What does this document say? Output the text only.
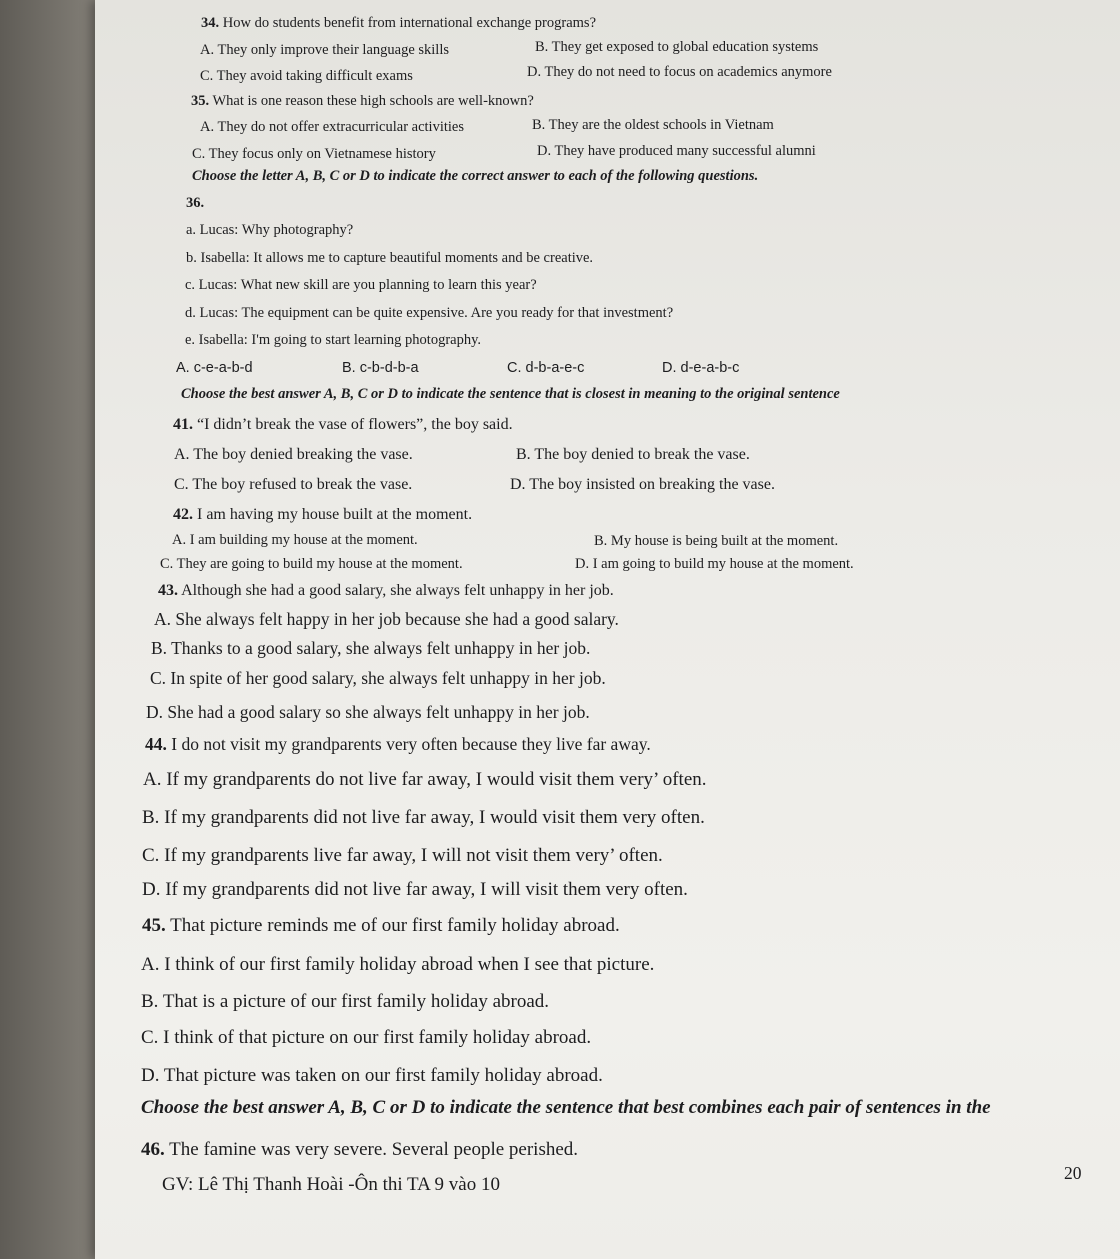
34. How do students benefit from international exchange programs?
A. They only improve their language skills	B. They get exposed to global education systems
C. They avoid taking difficult exams	D. They do not need to focus on academics anymore
35. What is one reason these high schools are well-known?
A. They do not offer extracurricular activities	B. They are the oldest schools in Vietnam
C. They focus only on Vietnamese history	D. They have produced many successful alumni
Choose the letter A, B, C or D to indicate the correct answer to each of the following questions.
36.
a. Lucas: Why photography?
b. Isabella: It allows me to capture beautiful moments and be creative.
c. Lucas: What new skill are you planning to learn this year?
d. Lucas: The equipment can be quite expensive. Are you ready for that investment?
e. Isabella: I'm going to start learning photography.
A. c-e-a-b-d	B. c-b-d-b-a	C. d-b-a-e-c	D. d-e-a-b-c
Choose the best answer A, B, C or D to indicate the sentence that is closest in meaning to the original sentence
41. “I didn’t break the vase of flowers”, the boy said.
A. The boy denied breaking the vase.	B. The boy denied to break the vase.
C. The boy refused to break the vase.	D. The boy insisted on breaking the vase.
42. I am having my house built at the moment.
A. I am building my house at the moment.	B. My house is being built at the moment.
C. They are going to build my house at the moment.	D. I am going to build my house at the moment.
43. Although she had a good salary, she always felt unhappy in her job.
A. She always felt happy in her job because she had a good salary.
B. Thanks to a good salary, she always felt unhappy in her job.
C. In spite of her good salary, she always felt unhappy in her job.
D. She had a good salary so she always felt unhappy in her job.
44. I do not visit my grandparents very often because they live far away.
A. If my grandparents do not live far away, I would visit them very’ often.
B. If my grandparents did not live far away, I would visit them very often.
C. If my grandparents live far away, I will not visit them very’ often.
D. If my grandparents did not live far away, I will visit them very often.
45. That picture reminds me of our first family holiday abroad.
A. I think of our first family holiday abroad when I see that picture.
B. That is a picture of our first family holiday abroad.
C. I think of that picture on our first family holiday abroad.
D. That picture was taken on our first family holiday abroad.
Choose the best answer A, B, C or D to indicate the sentence that best combines each pair of sentences in the
46. The famine was very severe. Several people perished.
GV: Lê Thị Thanh Hoài -Ôn thi TA 9 vào 10
20
